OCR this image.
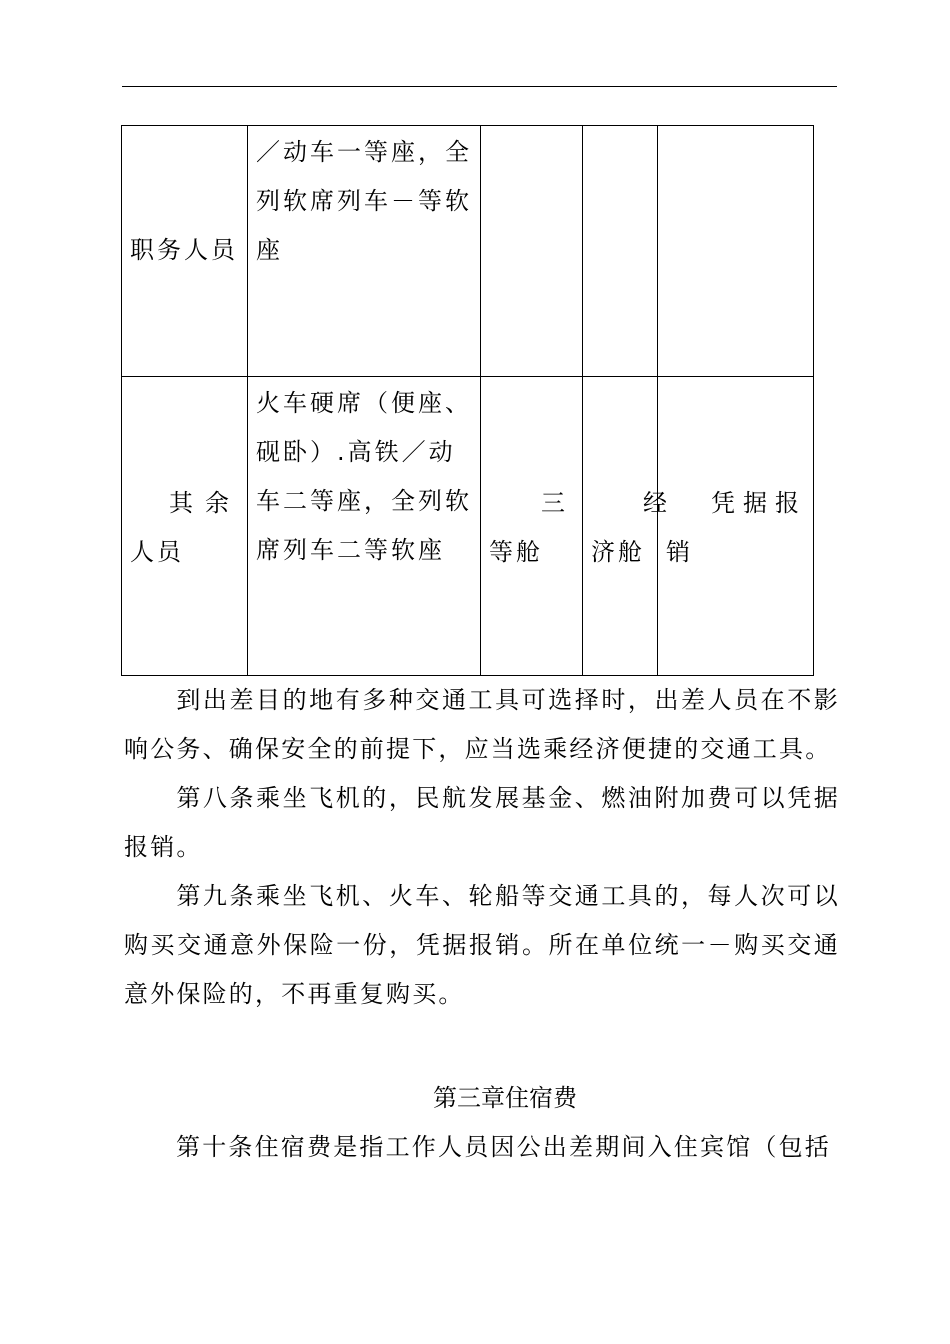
职务人员	／动车一等座，全列软席列车－等软座			

其余
人员	火车硬席（便座、砚卧）.高铁／动车二等座，全列软席列车二等软座	三
等舱	经
济舱	凭据报
销
到出差目的地有多种交通工具可选择时，出差人员在不影响公务、确保安全的前提下，应当选乘经济便捷的交通工具。
第八条乘坐飞机的，民航发展基金、燃油附加费可以凭据报销。
第九条乘坐飞机、火车、轮船等交通工具的，每人次可以购买交通意外保险一份，凭据报销。所在单位统一－购买交通意外保险的，不再重复购买。
第三章住宿费
第十条住宿费是指工作人员因公出差期间入住宾馆（包括
